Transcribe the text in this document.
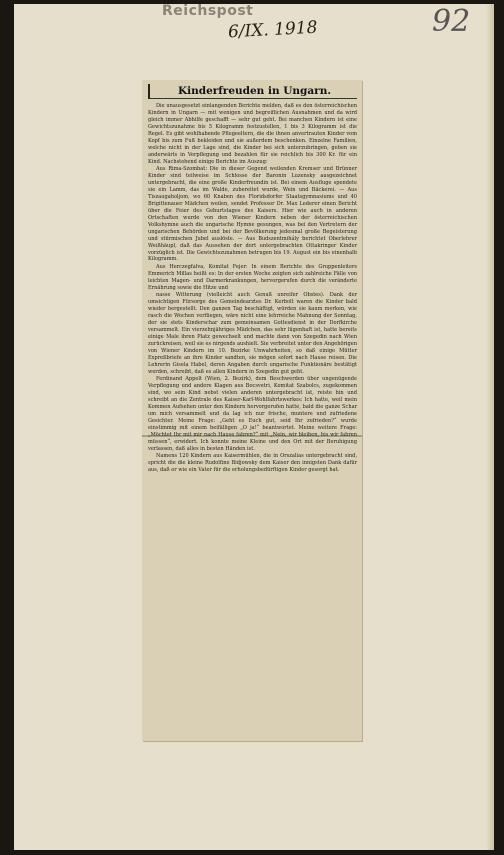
Reichspost
6/IX. 1918	92
Kinderfreuden in Ungarn.

Die unausgesetzt einlangenden Berichte melden, daß es den österreichischen Kindern in Ungarn — mit wenigen und begreiflichen Ausnahmen und da wird gleich immer Abhilfe geschafft — sehr gut geht. Bei manchen Kindern ist eine Gewichtszunahme bis 5 Kilogramm festzustellen, 1 bis 3 Kilogramm ist die Regel. Es gibt wohlhabende Pflegeeltern, die die ihnen anvertrauten Kinder vom Kopf bis zum Fuß bekleiden und sie außerdem beschenken. Einzelne Familien, welche nicht in der Lage sind, die Kinder bei sich unterzubringen, geben sie anderwärts in Verpflegung und bezahlen für sie reichlich bis 300 Kr. für ein Kind. Nachstehend einige Berichte im Auszug:

Aus Rima-Szombat: Die in dieser Gegend weilenden Kremser und Brünner Kinder sind teilweise im Schlosse der Baronin Luzensky ausgezeichnet untergebracht, die eine große Kinderfreundin ist. Bei einem Ausfluge spendete sie ein Lamm, das im Walde, zubereitet wurde, Wein und Bäckerei. — Aus Tiszaugaholjom, wo 60 Knaben des Floridsdorfer Staatsgymnasiums und 40 Brigittenauer Mädchen weilen, sendet Professor Dr. Max Lederer einen Bericht über die Feier des Geburtstages des Kaisers. Hier wie auch in anderen Ortschaften wurde von den Wiener Kindern neben der österreichischen Volkshymne auch die ungarische Hymne gesungen, was bei den Vertretern der ungarischen Behörden und bei der Bevölkerung jedesmal große Begeisterung und stürmischen Jubel auslöste. — Aus Budszentmihály berichtet Oberlehrer Weißhäupl, daß das Aussehen der dort untergebrachten Ottakringer Kinder vorzüglich ist. Die Gewichtszunahmen betrugen bis 19. August ein bis einenhalb Kilogramm.

Aus Herczegfalva, Komitat Fejer: In einem Berichte des Gruppenleiters Emmerich Millas heißt es: In der ersten Woche zeigten sich zahlreiche Fälle von leichten Magen- und Darmerkrankungen, hervorgerufen durch die veränderte Ernährung sowie die Hitze und

nasse Witterung (vielleicht auch Genuß unreifer Obstes). Dank der umsichtigen Fürsorge des Gemeindearztes Dr. Kerbolt waren die Kinder bald wieder hergestellt. Den ganzen Tag beschäftigt, würden sie kaum merken, wie rasch die Wochen verfliegen, wäre nicht eine lehrreiche Mahnung der Sonntag, der sie stets Kinderschar zum gemeinsamen Gottesdienst in der Dorfkirche versammelt. Ein vierzehnjähriges Mädchen, das sehr lügenhaft ist, hatte bereits einige Male ihren Platz gewechselt und machte dann von Szegedin nach Wien zurückreisen, weil sie es nirgends aushielt. Sie verbreitet unter den Angehörigen von Wiener Kindern im 10. Bezirke Unwahrheiten, so daß einige Mütter Expreßbriefe an ihre Kinder sandten, sie mögen sofort nach Hause reisen. Die Lehrerin Gisela Habel, deren Angaben durch ungarische Funktionäre bestätigt werden, schreibt, daß es allen Kindern in Szegedin gut geht.

Ferdinand Appelt (Wien, 2. Bezirk), dem Beschwerden über ungenügende Verpflegung und andere Klagen aus Bocsvetri, Komitat Szabolcs, zugekommen sind, wo sein Kind nebst vielen anderen untergebracht ist, reiste hin und schreibt an die Zentrale des Kaiser-Karl-Wohlfahrtswerkes: Ich hatte, weil mein Kommen Aufsehen unter den Kindern hervorgerufen hatte, bald die ganze Schar um mich versammelt und da lag ich nur frische, muntere und zufriedene Gesichter. Meine Frage: „Geht es Euch gut, seid Ihr zufrieden?“ wurde einstimmig mit einem beifälligen „O ja!“ beantwortet. Meine weitere Frage: „Möchtet Ihr mit mir nach Hause fahren?“ mit „Nein, wir bleiben, bis wir fahren müssen“, erwidert. Ich konnte meine Kleine und den Ort mit der Beruhigung verlassen, daß alles in besten Händen ist.

Namens 120 Kindern aus Kaisermühlen, die in Orszalias untergebracht sind, spricht die die kleine Rudolfine Bidjowsky dem Kaiser den innigsten Dank dafür aus, daß er wie ein Vater für die erholungsbedürftigen Kinder gesorgt hat.
